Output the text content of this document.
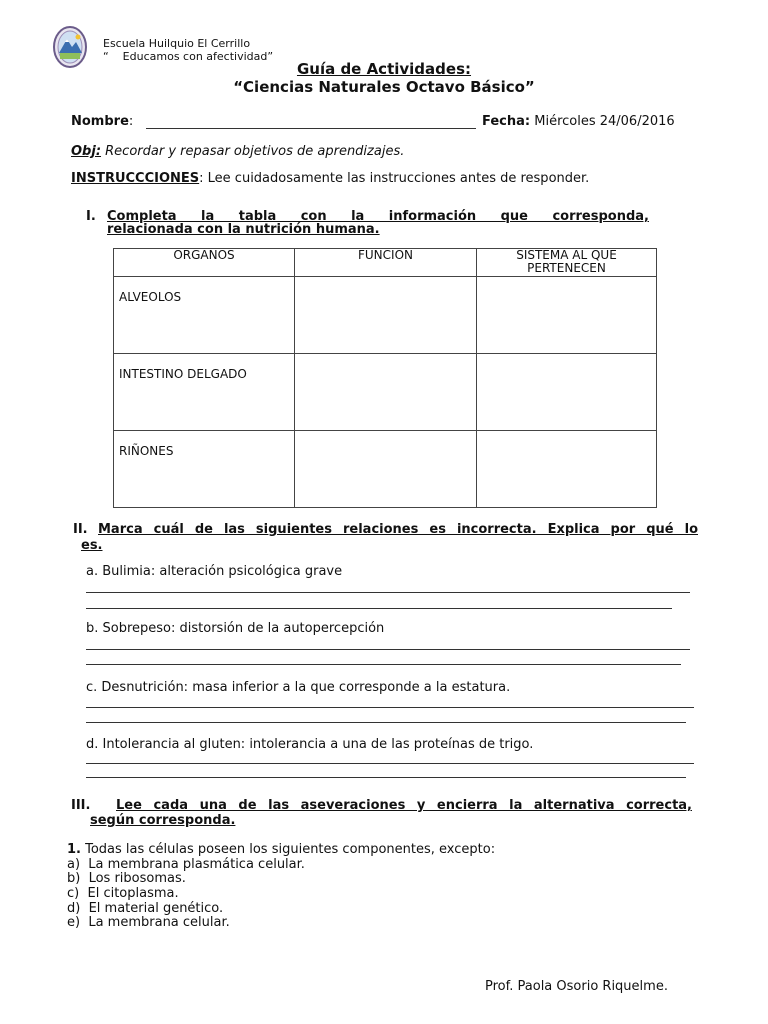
Escuela Huilquio El Cerrillo
“    Educamos con afectividad”
Guía de Actividades:
“Ciencias Naturales Octavo Básico”
Nombre:	Fecha: Miércoles 24/06/2016
Obj: Recordar y repasar objetivos de aprendizajes.
INSTRUCCCIONES: Lee cuidadosamente las instrucciones antes de responder.
I. Completa la tabla con la información que corresponda,
relacionada con la nutrición humana.
ORGANOS	FUNCION	SISTEMA AL QUE
PERTENECEN

ALVEOLOS		

INTESTINO DELGADO		

RIÑONES		

II. Marca cuál de las siguientes relaciones es incorrecta. Explica por qué lo
es.
a. Bulimia: alteración psicológica grave
b. Sobrepeso: distorsión de la autopercepción
c. Desnutrición: masa inferior a la que corresponde a la estatura.
d. Intolerancia al gluten: intolerancia a una de las proteínas de trigo.
III. Lee cada una de las aseveraciones y encierra la alternativa correcta,
según corresponda.
1. Todas las células poseen los siguientes componentes, excepto:
a)  La membrana plasmática celular.
b)  Los ribosomas.
c)  El citoplasma.
d)  El material genético.
e)  La membrana celular.
Prof. Paola Osorio Riquelme.
